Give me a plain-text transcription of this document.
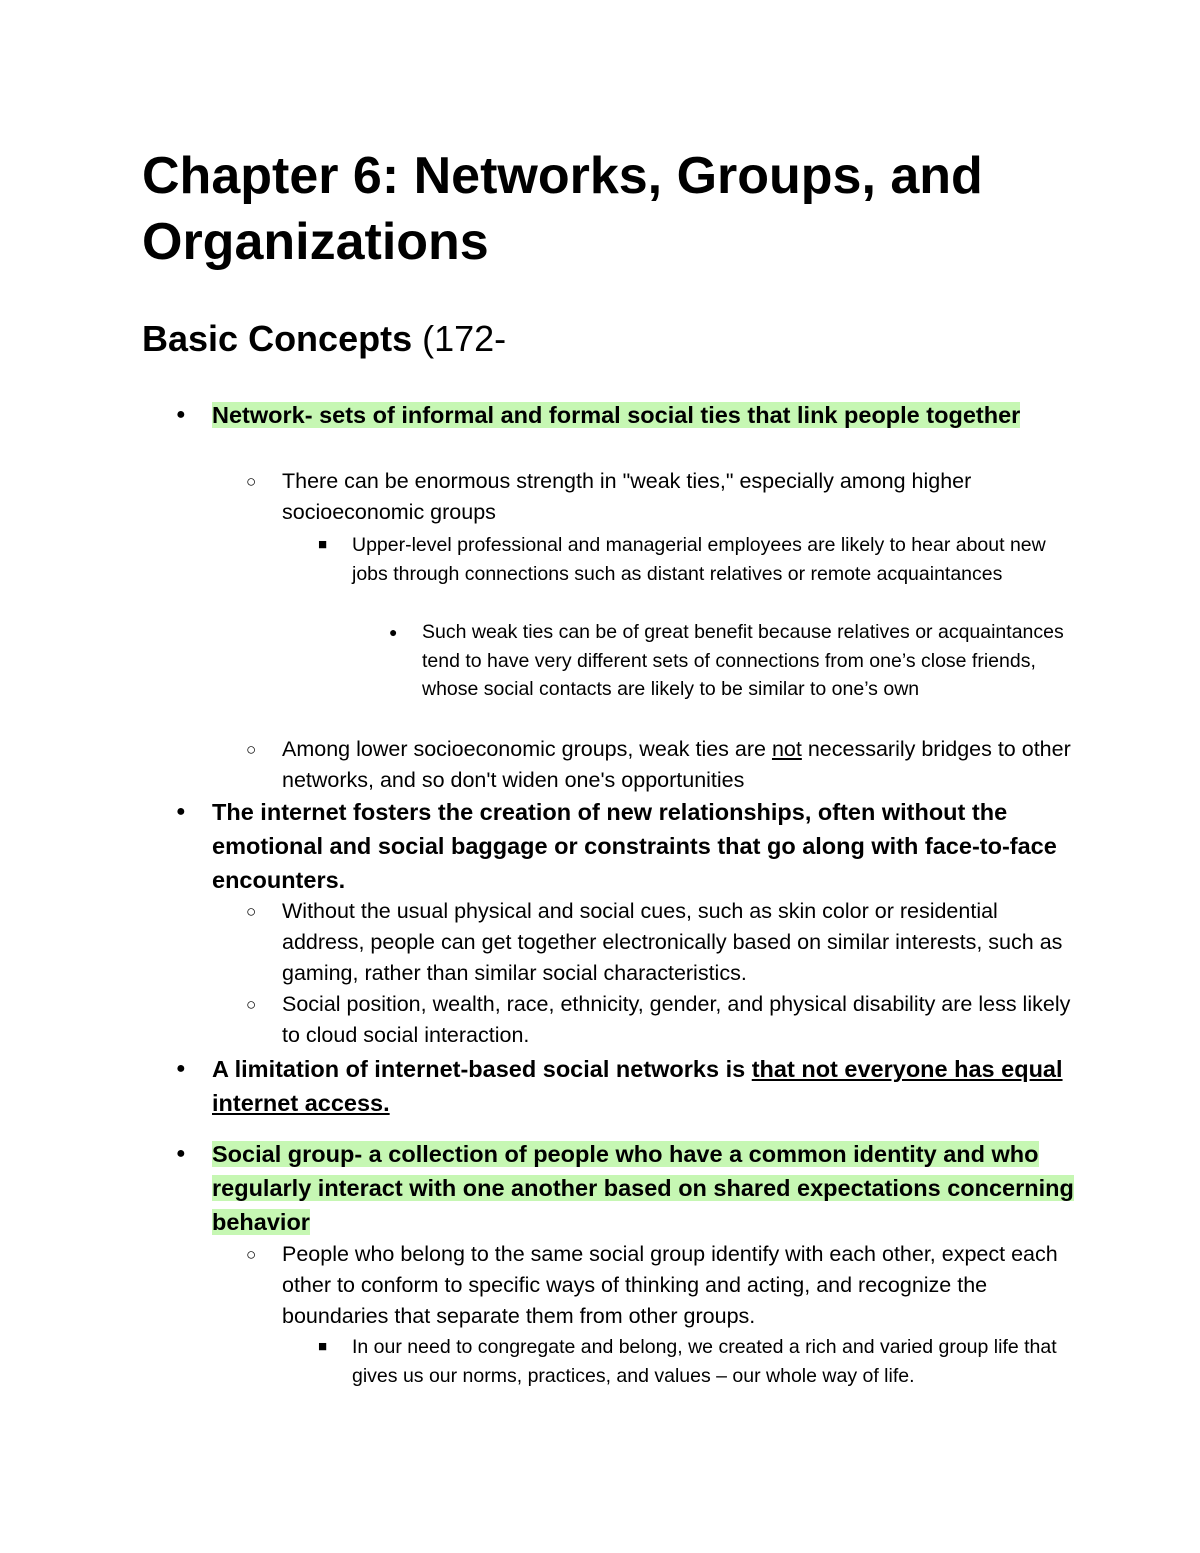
Chapter 6: Networks, Groups, and Organizations
Basic Concepts (172-
● Network- sets of informal and formal social ties that link people together
○ There can be enormous strength in "weak ties," especially among higher socioeconomic groups
■ Upper-level professional and managerial employees are likely to hear about new jobs through connections such as distant relatives or remote acquaintances
● Such weak ties can be of great benefit because relatives or acquaintances tend to have very different sets of connections from one’s close friends, whose social contacts are likely to be similar to one’s own
○ Among lower socioeconomic groups, weak ties are not necessarily bridges to other networks, and so don't widen one's opportunities
● The internet fosters the creation of new relationships, often without the emotional and social baggage or constraints that go along with face-to-face encounters.
○ Without the usual physical and social cues, such as skin color or residential address, people can get together electronically based on similar interests, such as gaming, rather than similar social characteristics.
○ Social position, wealth, race, ethnicity, gender, and physical disability are less likely to cloud social interaction.
● A limitation of internet-based social networks is that not everyone has equal internet access.
● Social group- a collection of people who have a common identity and who regularly interact with one another based on shared expectations concerning behavior
○ People who belong to the same social group identify with each other, expect each other to conform to specific ways of thinking and acting, and recognize the boundaries that separate them from other groups.
■ In our need to congregate and belong, we created a rich and varied group life that gives us our norms, practices, and values – our whole way of life.
